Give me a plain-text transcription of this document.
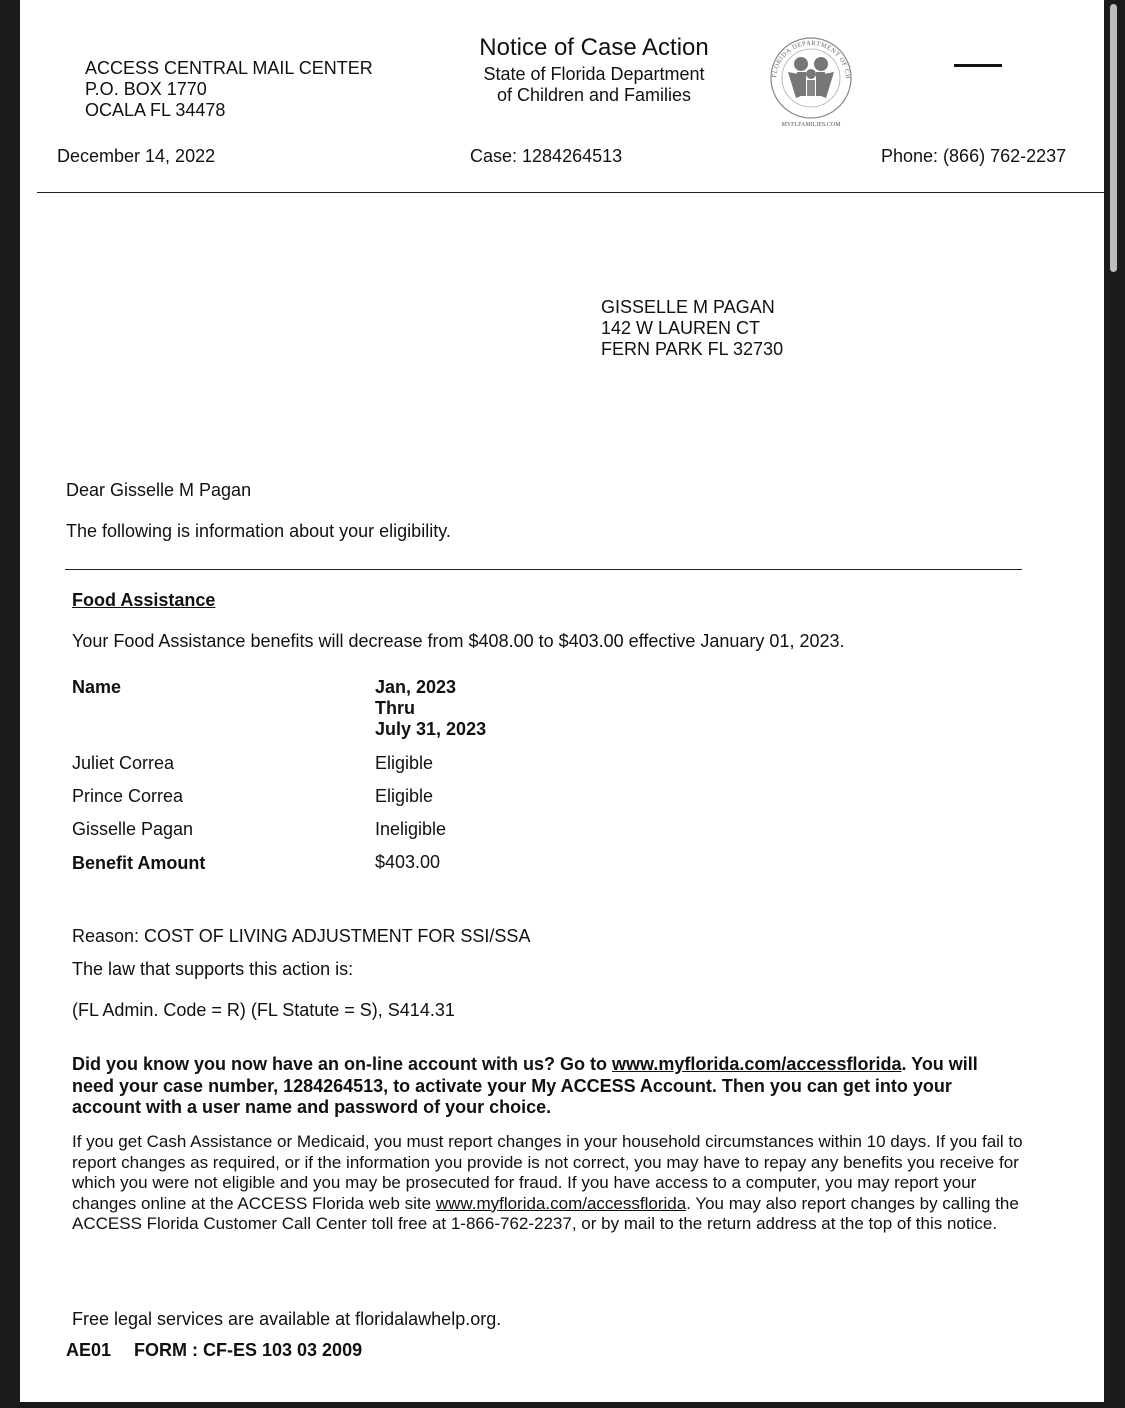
ACCESS CENTRAL MAIL CENTER
P.O. BOX 1770
OCALA FL 34478
Notice of Case Action
State of Florida Department
of Children and Families
FLORIDA DEPARTMENT OF CH
MYFLFAMILIES.COM
December 14, 2022	Case: 1284264513	Phone: (866) 762-2237
GISSELLE M PAGAN
142 W LAUREN CT
FERN PARK FL 32730
Dear Gisselle M Pagan
The following is information about your eligibility.
Food Assistance
Your Food Assistance benefits will decrease from $408.00 to $403.00 effective January 01, 2023.
Name	Jan, 2023
Thru
July 31, 2023
Juliet Correa	Eligible
Prince Correa	Eligible
Gisselle Pagan	Ineligible
Benefit Amount	$403.00
Reason: COST OF LIVING ADJUSTMENT FOR SSI/SSA
The law that supports this action is:
(FL Admin. Code = R) (FL Statute = S), S414.31
Did you know you now have an on-line account with us? Go to www.myflorida.com/accessflorida. You will need your case number, 1284264513, to activate your My ACCESS Account. Then you can get into your account with a user name and password of your choice.
If you get Cash Assistance or Medicaid, you must report changes in your household circumstances within 10 days. If you fail to report changes as required, or if the information you provide is not correct, you may have to repay any benefits you receive for which you were not eligible and you may be prosecuted for fraud. If you have access to a computer, you may report your changes online at the ACCESS Florida web site www.myflorida.com/accessflorida. You may also report changes by calling the ACCESS Florida Customer Call Center toll free at 1-866-762-2237, or by mail to the return address at the top of this notice.
Free legal services are available at floridalawhelp.org.
AE01 FORM : CF-ES 103 03 2009
